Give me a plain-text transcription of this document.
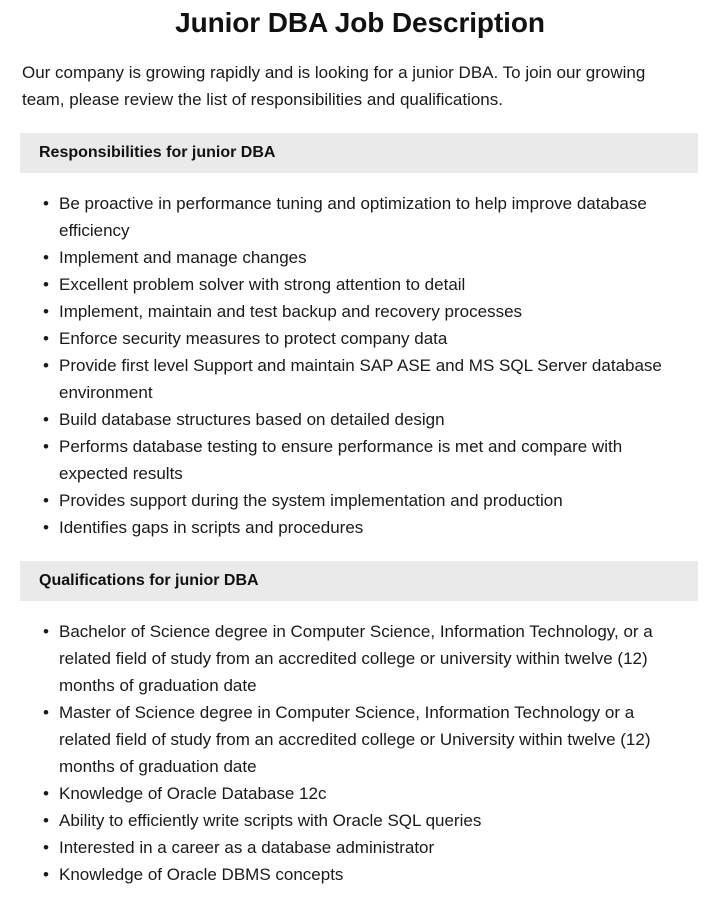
Junior DBA Job Description

Our company is growing rapidly and is looking for a junior DBA. To join our growing team, please review the list of responsibilities and qualifications.

Responsibilities for junior DBA
• Be proactive in performance tuning and optimization to help improve database efficiency
• Implement and manage changes
• Excellent problem solver with strong attention to detail
• Implement, maintain and test backup and recovery processes
• Enforce security measures to protect company data
• Provide first level Support and maintain SAP ASE and MS SQL Server database environment
• Build database structures based on detailed design
• Performs database testing to ensure performance is met and compare with expected results
• Provides support during the system implementation and production
• Identifies gaps in scripts and procedures
Qualifications for junior DBA
• Bachelor of Science degree in Computer Science, Information Technology, or a related field of study from an accredited college or university within twelve (12) months of graduation date
• Master of Science degree in Computer Science, Information Technology or a related field of study from an accredited college or University within twelve (12) months of graduation date
• Knowledge of Oracle Database 12c
• Ability to efficiently write scripts with Oracle SQL queries
• Interested in a career as a database administrator
• Knowledge of Oracle DBMS concepts
